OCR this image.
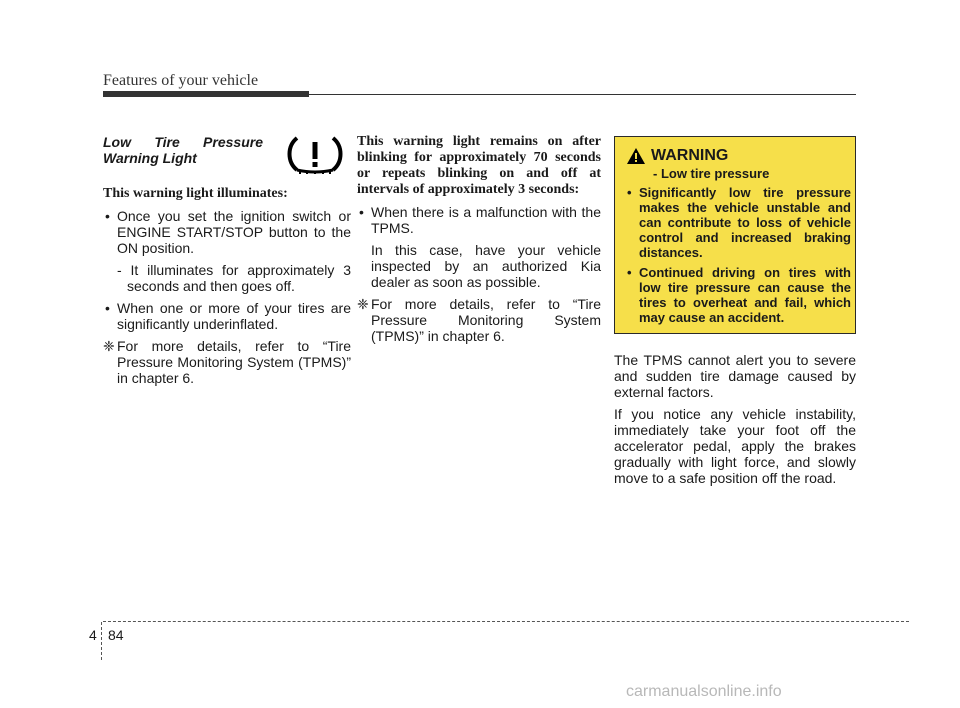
Features of your vehicle

Low Tire Pressure Warning Light

This warning light illuminates:

• Once you set the ignition switch or ENGINE START/STOP button to the ON position.
- It illuminates for approximately 3 seconds and then goes off.
• When one or more of your tires are significantly underinflated.
❈ For more details, refer to “Tire Pressure Monitoring System (TPMS)” in chapter 6.

This warning light remains on after blinking for approximately 70 seconds or repeats blinking on and off at intervals of approximately 3 seconds:

• When there is a malfunction with the TPMS.
In this case, have your vehicle inspected by an authorized Kia dealer as soon as possible.
❈ For more details, refer to “Tire Pressure Monitoring System (TPMS)” in chapter 6.
WARNING
- Low tire pressure
• Significantly low tire pressure makes the vehicle unstable and can contribute to loss of vehicle control and increased braking distances.
• Continued driving on tires with low tire pressure can cause the tires to overheat and fail, which may cause an accident.

The TPMS cannot alert you to severe and sudden tire damage caused by external factors.

If you notice any vehicle instability, immediately take your foot off the accelerator pedal, apply the brakes gradually with light force, and slowly move to a safe position off the road.

4 84
carmanualsonline.info
